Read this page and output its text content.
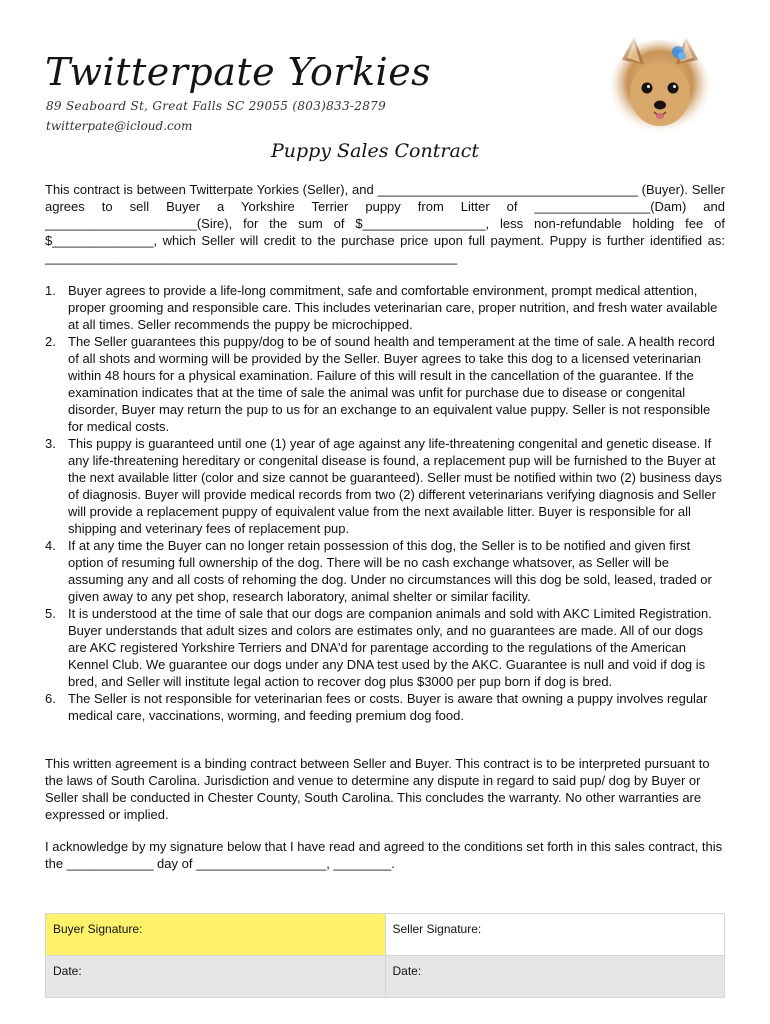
Twitterpate Yorkies
89 Seaboard St, Great Falls SC 29055 (803)833-2879
twitterpate@icloud.com
Puppy Sales Contract

This contract is between Twitterpate Yorkies (Seller), and ____________________________________ (Buyer). Seller agrees to sell Buyer a Yorkshire Terrier puppy from Litter of ________________(Dam) and _____________________(Sire), for the sum of $_________________, less non-refundable holding fee of $______________, which Seller will credit to the purchase price upon full payment. Puppy is further identified as: _________________________________________________________

1. Buyer agrees to provide a life-long commitment, safe and comfortable environment, prompt medical attention, proper grooming and responsible care. This includes veterinarian care, proper nutrition, and fresh water available at all times. Seller recommends the puppy be microchipped.
2. The Seller guarantees this puppy/dog to be of sound health and temperament at the time of sale. A health record of all shots and worming will be provided by the Seller. Buyer agrees to take this dog to a licensed veterinarian within 48 hours for a physical examination. Failure of this will result in the cancellation of the guarantee. If the examination indicates that at the time of sale the animal was unfit for purchase due to disease or congenital disorder, Buyer may return the pup to us for an exchange to an equivalent value puppy. Seller is not responsible for medical costs.
3. This puppy is guaranteed until one (1) year of age against any life-threatening congenital and genetic disease. If any life-threatening hereditary or congenital disease is found, a replacement pup will be furnished to the Buyer at the next available litter (color and size cannot be guaranteed). Seller must be notified within two (2) business days of diagnosis. Buyer will provide medical records from two (2) different veterinarians verifying diagnosis and Seller will provide a replacement puppy of equivalent value from the next available litter. Buyer is responsible for all shipping and veterinary fees of replacement pup.
4. If at any time the Buyer can no longer retain possession of this dog, the Seller is to be notified and given first option of resuming full ownership of the dog. There will be no cash exchange whatsover, as Seller will be assuming any and all costs of rehoming the dog. Under no circumstances will this dog be sold, leased, traded or given away to any pet shop, research laboratory, animal shelter or similar facility.
5. It is understood at the time of sale that our dogs are companion animals and sold with AKC Limited Registration. Buyer understands that adult sizes and colors are estimates only, and no guarantees are made. All of our dogs are AKC registered Yorkshire Terriers and DNA'd for parentage according to the regulations of the American Kennel Club. We guarantee our dogs under any DNA test used by the AKC. Guarantee is null and void if dog is bred, and Seller will institute legal action to recover dog plus $3000 per pup born if dog is bred.
6. The Seller is not responsible for veterinarian fees or costs. Buyer is aware that owning a puppy involves regular medical care, vaccinations, worming, and feeding premium dog food.

This written agreement is a binding contract between Seller and Buyer. This contract is to be interpreted pursuant to the laws of South Carolina. Jurisdiction and venue to determine any dispute in regard to said pup/ dog by Buyer or Seller shall be conducted in Chester County, South Carolina. This concludes the warranty. No other warranties are expressed or implied.

I acknowledge by my signature below that I have read and agreed to the conditions set forth in this sales contract, this the ____________ day of __________________, ________.

Buyer Signature:	Seller Signature:
Date:	Date:
